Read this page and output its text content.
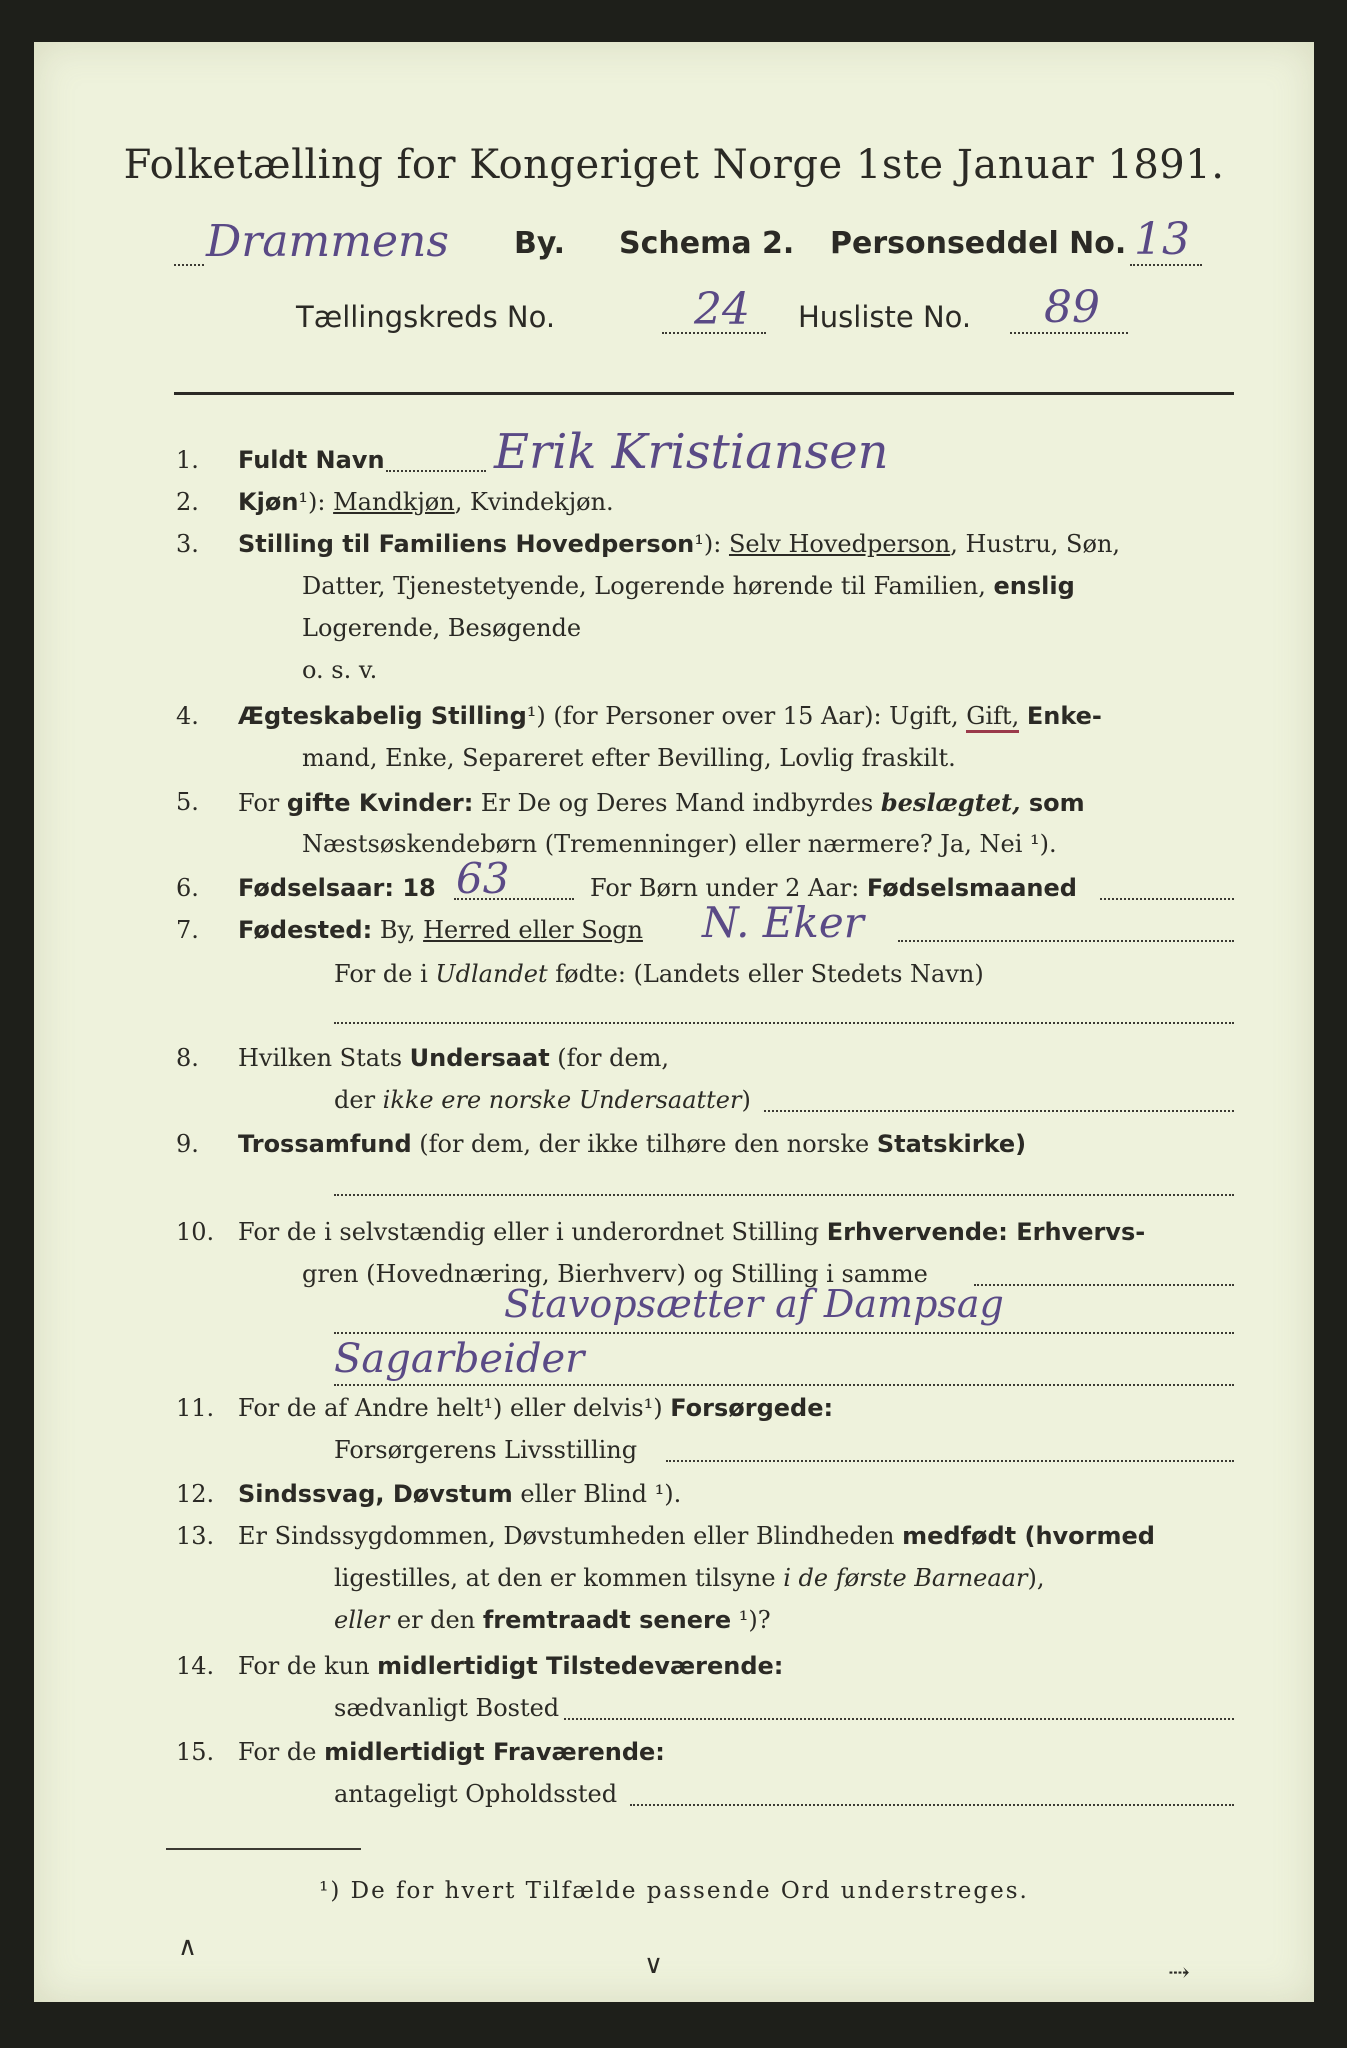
Folketælling for Kongeriget Norge 1ste Januar 1891.
Drammens By. Schema 2. Personseddel No. 13
Tællingskreds No.	24 Husliste No. 89
1.	Fuldt Navn Erik Kristiansen
2.	Kjøn¹): Mandkjøn, Kvindekjøn.
3.	Stilling til Familiens Hovedperson¹): Selv Hovedperson, Hustru, Søn,
Datter, Tjenestetyende, Logerende hørende til Familien, enslig
Logerende, Besøgende
o. s. v.
4.	Ægteskabelig Stilling¹) (for Personer over 15 Aar): Ugift, Gift, Enke-
mand, Enke, Separeret efter Bevilling, Lovlig fraskilt.
5.	For gifte Kvinder: Er De og Deres Mand indbyrdes beslægtet, som
Næstsøskendebørn (Tremenninger) eller nærmere? Ja, Nei ¹).
6.	Fødselsaar: 18 63	For Børn under 2 Aar: Fødselsmaaned
7.	Fødested: By, Herred eller Sogn N. Eker
For de i Udlandet fødte: (Landets eller Stedets Navn)
8.	Hvilken Stats Undersaat (for dem,
der ikke ere norske Undersaatter)
9.	Trossamfund (for dem, der ikke tilhøre den norske Statskirke)
10. For de i selvstændig eller i underordnet Stilling Erhvervende: Erhvervs-
gren (Hovednæring, Bierhverv) og Stilling i samme
Stavopsætter af Dampsag
Sagarbeider
11. For de af Andre helt¹) eller delvis¹) Forsørgede:
Forsørgerens Livsstilling
12. Sindssvag, Døvstum eller Blind ¹).
13. Er Sindssygdommen, Døvstumheden eller Blindheden medfødt (hvormed
ligestilles, at den er kommen tilsyne i de første Barneaar),
eller er den fremtraadt senere ¹)?
14. For de kun midlertidigt Tilstedeværende:
sædvanligt Bosted
15. For de midlertidigt Fraværende:
antageligt Opholdssted
¹) De for hvert Tilfælde passende Ord understreges.
∧
∨	⇢
